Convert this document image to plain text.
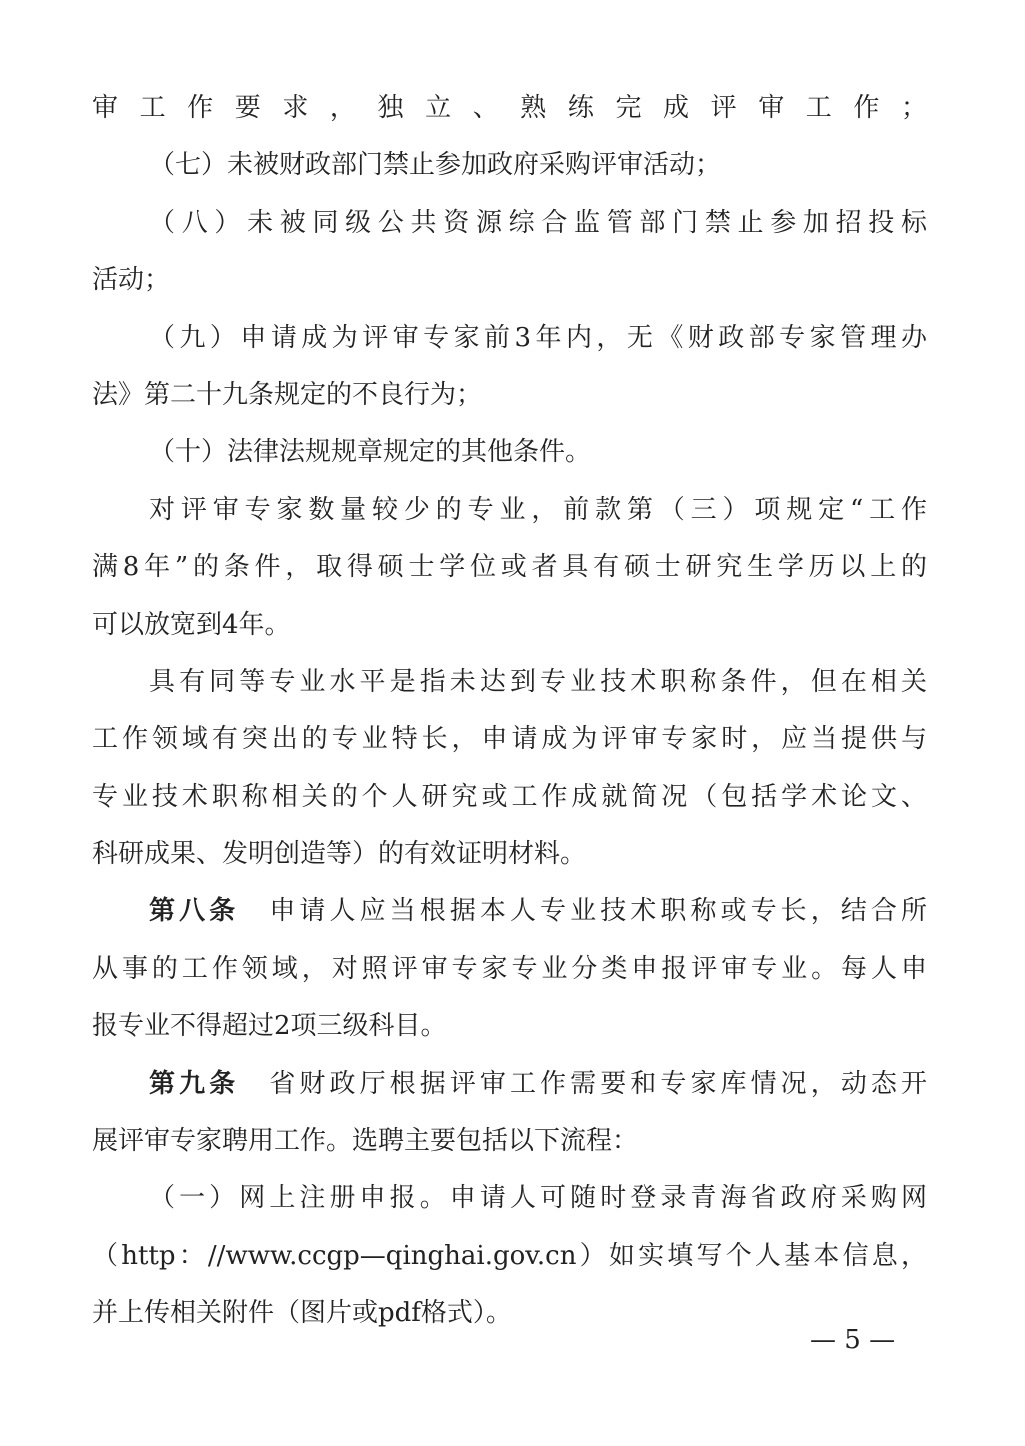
审工作要求，独立、熟练完成评审工作；
（七）未被财政部门禁止参加政府采购评审活动；
（八）未被同级公共资源综合监管部门禁止参加招投标
活动；
（九）申请成为评审专家前3年内，无《财政部专家管理办
法》第二十九条规定的不良行为；
（十）法律法规规章规定的其他条件。
对评审专家数量较少的专业，前款第（三）项规定“工作
满8年”的条件，取得硕士学位或者具有硕士研究生学历以上的
可以放宽到4年。
具有同等专业水平是指未达到专业技术职称条件，但在相关
工作领域有突出的专业特长，申请成为评审专家时，应当提供与
专业技术职称相关的个人研究或工作成就简况（包括学术论文、
科研成果、发明创造等）的有效证明材料。
第八条　 申请人应当根据本人专业技术职称或专长，结合所
从事的工作领域，对照评审专家专业分类申报评审专业。每人申
报专业不得超过2项三级科目。
第九条　 省财政厅根据评审工作需要和专家库情况，动态开
展评审专家聘用工作。选聘主要包括以下流程：
（一）网上注册申报。申请人可随时登录青海省政府采购网
（http：//www.ccgp—qinghai.gov.cn）如实填写个人基本信息，
并上传相关附件（图片或pdf格式）。
— 5 —
